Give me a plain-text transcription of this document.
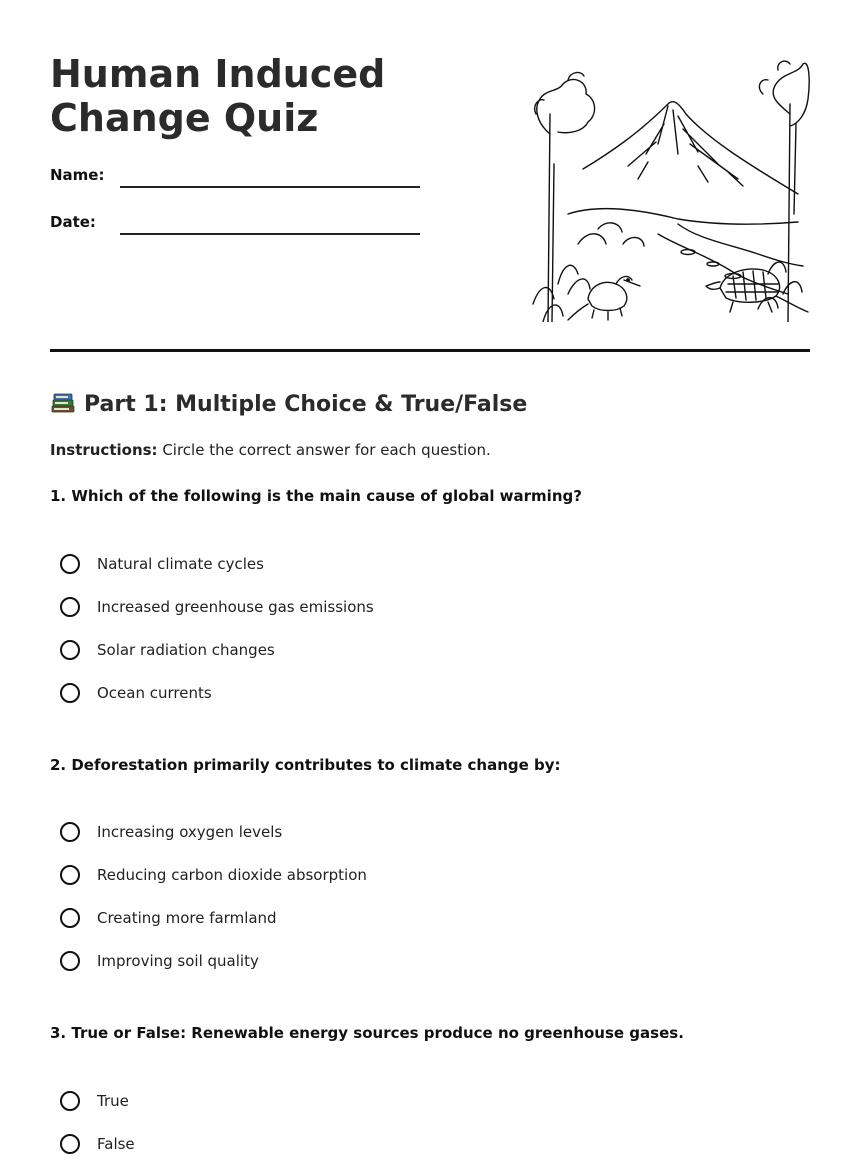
Human Induced Change Quiz
Name:
Date:
Part 1: Multiple Choice & True/False
Instructions: Circle the correct answer for each question.

1. Which of the following is the main cause of global warming?

Natural climate cycles
Increased greenhouse gas emissions
Solar radiation changes
Ocean currents

2. Deforestation primarily contributes to climate change by:

Increasing oxygen levels
Reducing carbon dioxide absorption
Creating more farmland
Improving soil quality

3. True or False: Renewable energy sources produce no greenhouse gases.

True
False
